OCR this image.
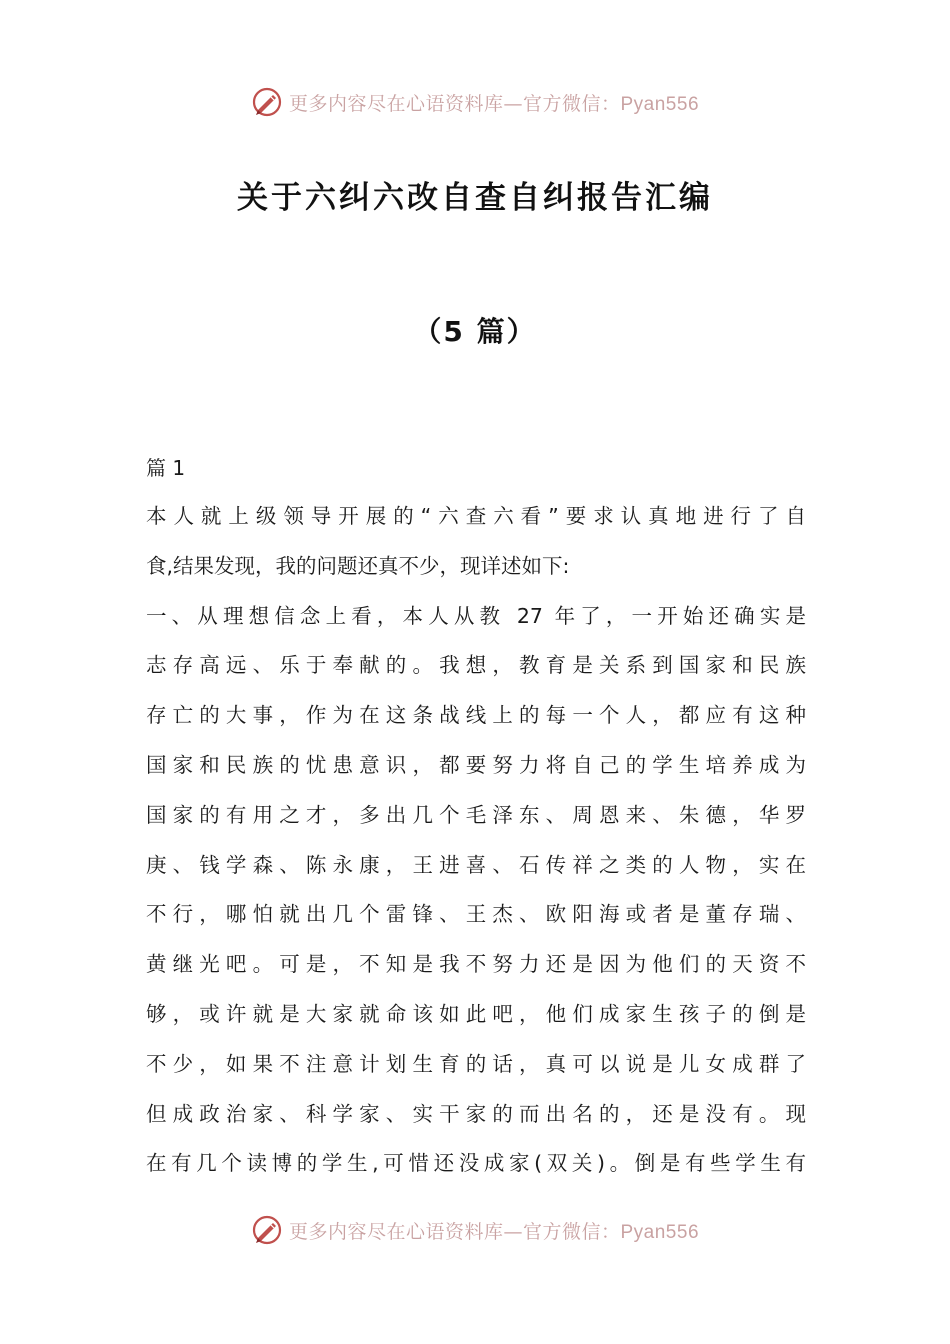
更多内容尽在心语资料库—官方微信：Pyan556
关于六纠六改自查自纠报告汇编
（5 篇）
篇 1
本人就上级领导开展的“六查六看”要求认真地进行了自
食,结果发现，我的问题还真不少，现详述如下:
一、从理想信念上看，本人从教 27 年了，一开始还确实是
志存高远、乐于奉献的。我想，教育是关系到国家和民族
存亡的大事，作为在这条战线上的每一个人，都应有这种
国家和民族的忧患意识，都要努力将自己的学生培养成为
国家的有用之才，多出几个毛泽东、周恩来、朱德，华罗
庚、钱学森、陈永康，王进喜、石传祥之类的人物，实在
不行，哪怕就出几个雷锋、王杰、欧阳海或者是董存瑞、
黄继光吧。可是，不知是我不努力还是因为他们的天资不
够，或许就是大家就命该如此吧，他们成家生孩子的倒是
不少，如果不注意计划生育的话，真可以说是儿女成群了
但成政治家、科学家、实干家的而出名的，还是没有。现
在有几个读博的学生,可惜还没成家(双关)。倒是有些学生有
更多内容尽在心语资料库—官方微信：Pyan556
